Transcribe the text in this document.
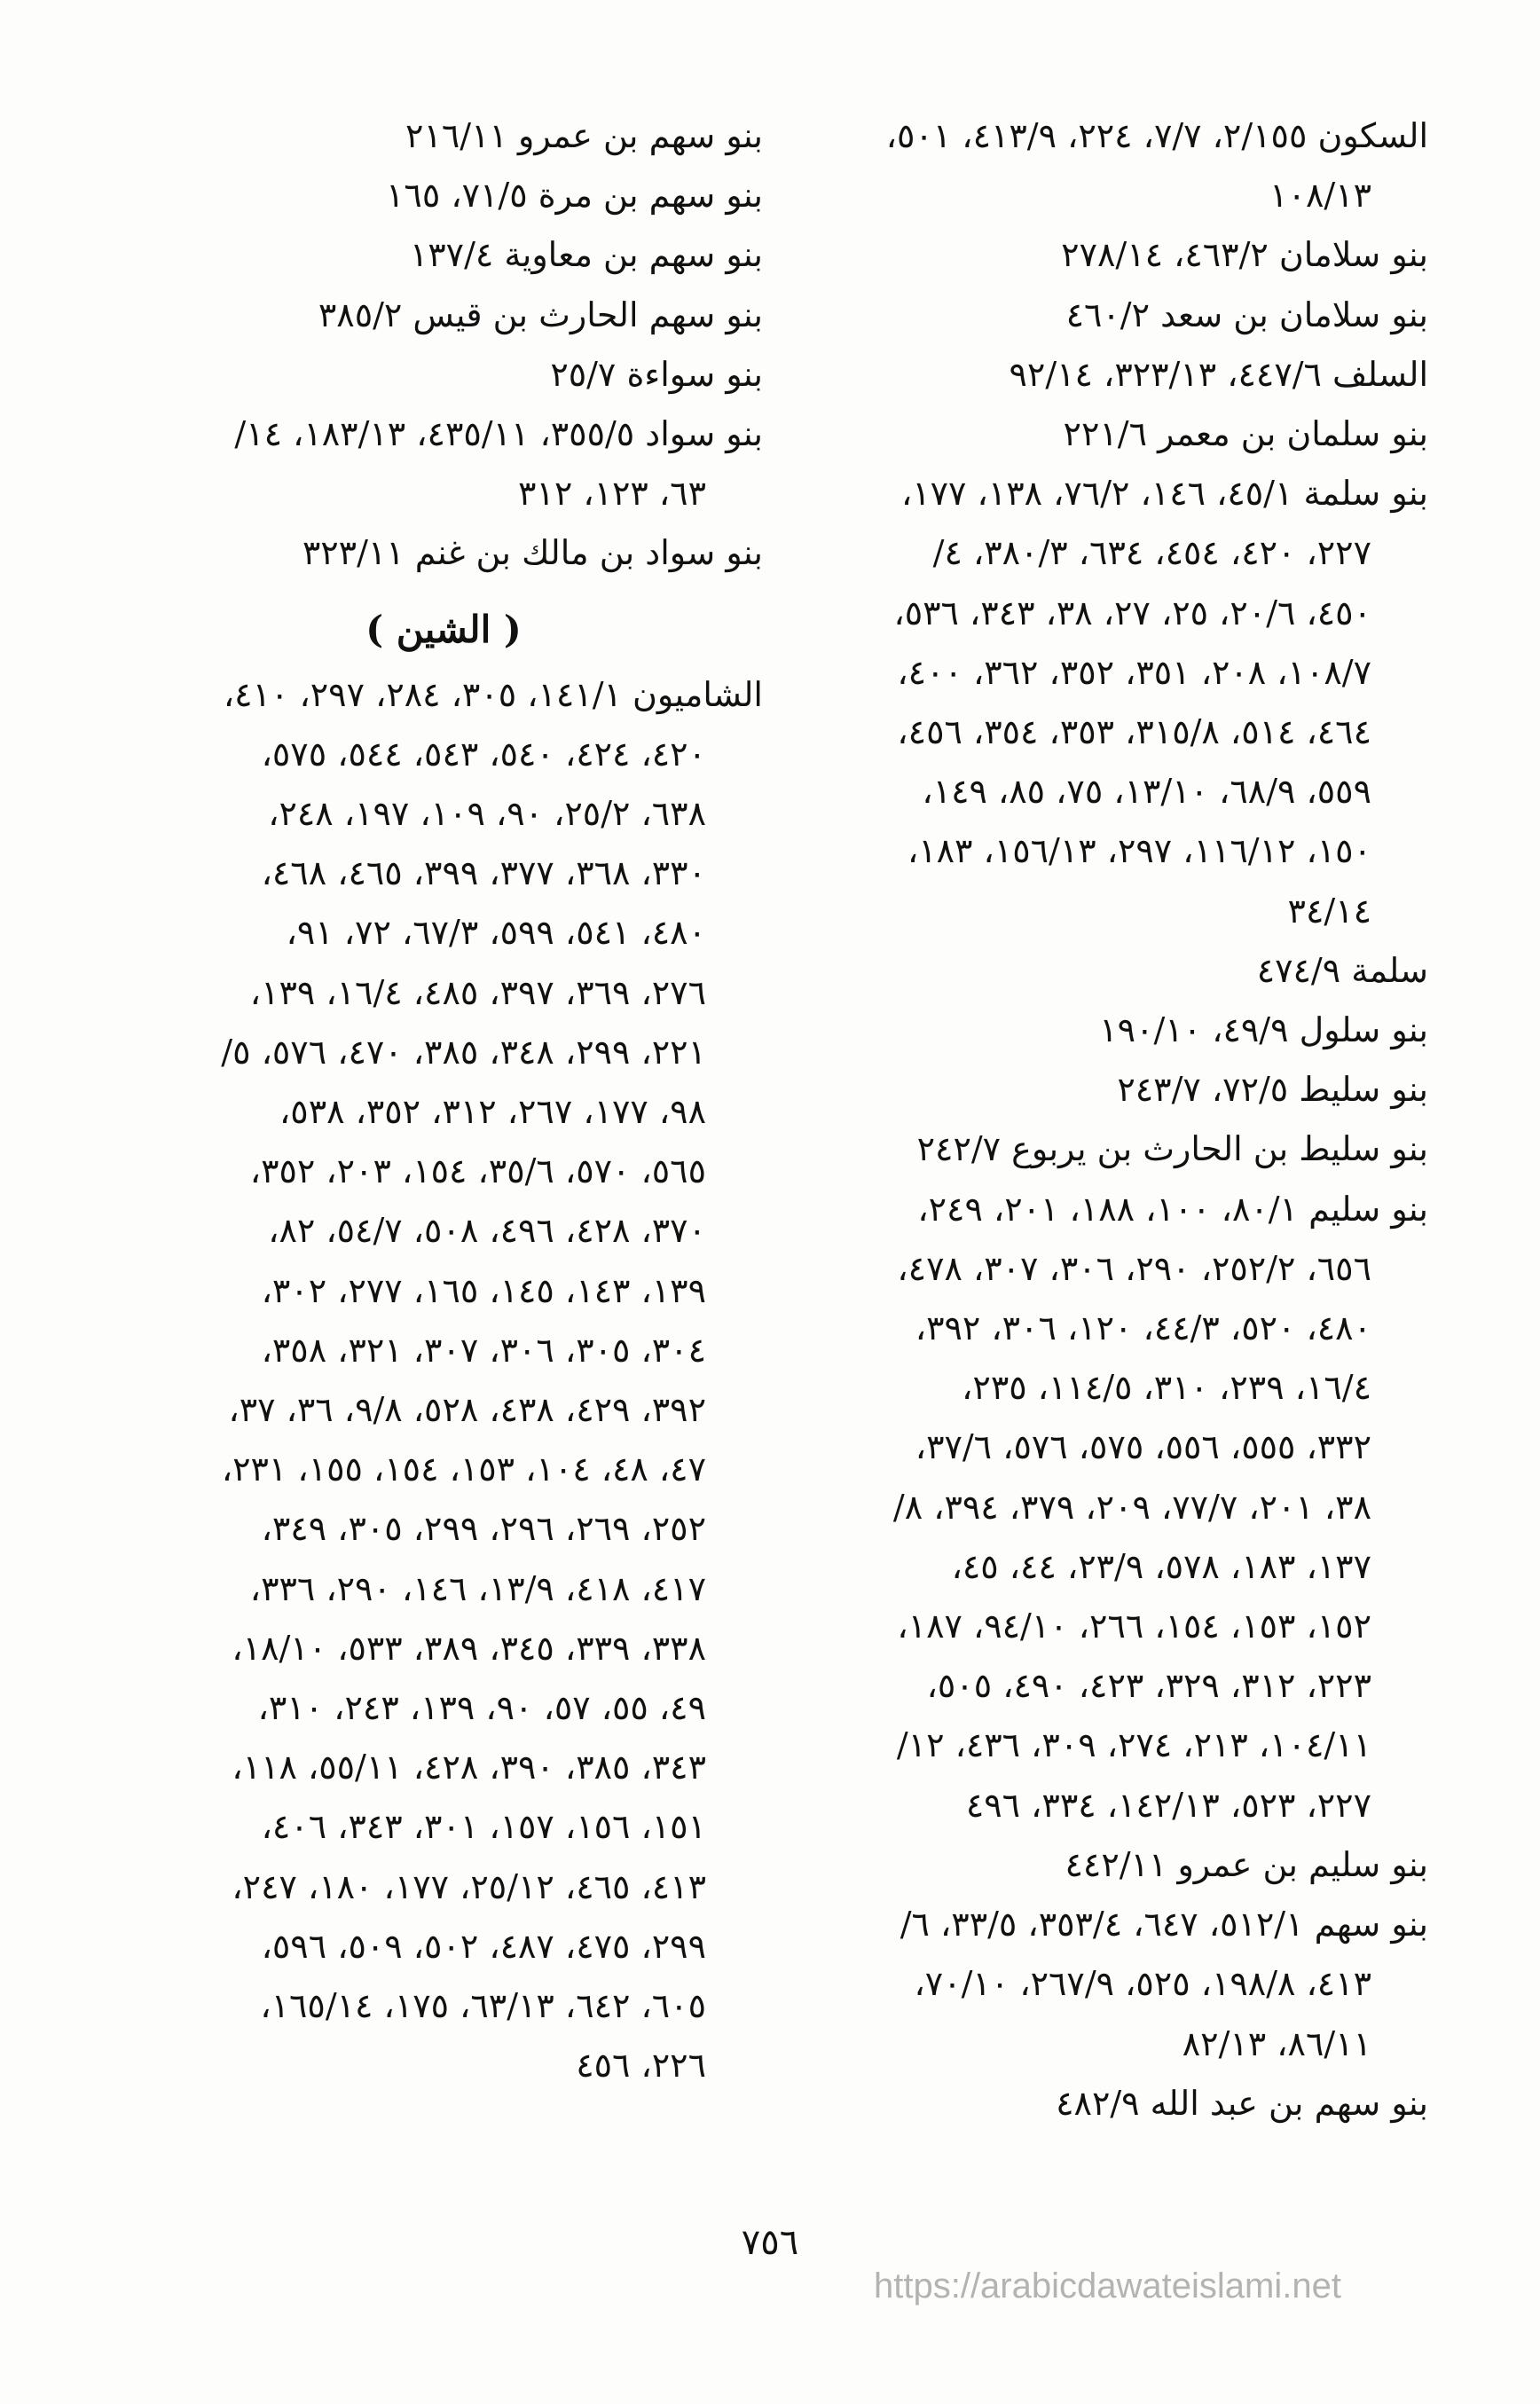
السكون ٢/١٥٥، ٧/٧، ٢٢٤، ٤١٣/٩، ٥٠١،
١٠٨/١٣
بنو سلامان ٤٦٣/٢، ٢٧٨/١٤
بنو سلامان بن سعد ٤٦٠/٢
السلف ٤٤٧/٦، ٣٢٣/١٣، ٩٢/١٤
بنو سلمان بن معمر ٢٢١/٦
بنو سلمة ٤٥/١، ١٤٦، ٧٦/٢، ١٣٨، ١٧٧،
٢٢٧، ٤٢٠، ٤٥٤، ٦٣٤، ٣٨٠/٣، ٤/
٤٥٠، ٢٠/٦، ٢٥، ٢٧، ٣٨، ٣٤٣، ٥٣٦،
١٠٨/٧، ٢٠٨، ٣٥١، ٣٥٢، ٣٦٢، ٤٠٠،
٤٦٤، ٥١٤، ٣١٥/٨، ٣٥٣، ٣٥٤، ٤٥٦،
٥٥٩، ٦٨/٩، ١٣/١٠، ٧٥، ٨٥، ١٤٩،
١٥٠، ١١٦/١٢، ٢٩٧، ١٥٦/١٣، ١٨٣،
٣٤/١٤
سلمة ٤٧٤/٩
بنو سلول ٤٩/٩، ١٩٠/١٠
بنو سليط ٧٢/٥، ٢٤٣/٧
بنو سليط بن الحارث بن يربوع ٢٤٢/٧
بنو سليم ٨٠/١، ١٠٠، ١٨٨، ٢٠١، ٢٤٩،
٦٥٦، ٢٥٢/٢، ٢٩٠، ٣٠٦، ٣٠٧، ٤٧٨،
٤٨٠، ٥٢٠، ٤٤/٣، ١٢٠، ٣٠٦، ٣٩٢،
١٦/٤، ٢٣٩، ٣١٠، ١١٤/٥، ٢٣٥،
٣٣٢، ٥٥٥، ٥٥٦، ٥٧٥، ٥٧٦، ٣٧/٦،
٣٨، ٢٠١، ٧٧/٧، ٢٠٩، ٣٧٩، ٣٩٤، ٨/
١٣٧، ١٨٣، ٥٧٨، ٢٣/٩، ٤٤، ٤٥،
١٥٢، ١٥٣، ١٥٤، ٢٦٦، ٩٤/١٠، ١٨٧،
٢٢٣، ٣١٢، ٣٢٩، ٤٢٣، ٤٩٠، ٥٠٥،
١٠٤/١١، ٢١٣، ٢٧٤، ٣٠٩، ٤٣٦، ١٢/
٢٢٧، ٥٢٣، ١٤٢/١٣، ٣٣٤، ٤٩٦
بنو سليم بن عمرو ٤٤٢/١١
بنو سهم ٥١٢/١، ٦٤٧، ٣٥٣/٤، ٣٣/٥، ٦/
٤١٣، ١٩٨/٨، ٥٢٥، ٢٦٧/٩، ٧٠/١٠،
٨٦/١١، ٨٢/١٣
بنو سهم بن عبد الله ٤٨٢/٩
بنو سهم بن عمرو ٢١٦/١١
بنو سهم بن مرة ٧١/٥، ١٦٥
بنو سهم بن معاوية ١٣٧/٤
بنو سهم الحارث بن قيس ٣٨٥/٢
بنو سواءة ٢٥/٧
بنو سواد ٣٥٥/٥، ٤٣٥/١١، ١٨٣/١٣، ١٤/
٦٣، ١٢٣، ٣١٢
بنو سواد بن مالك بن غنم ٣٢٣/١١
( الشين )
الشاميون ١٤١/١، ٣٠٥، ٢٨٤، ٢٩٧، ٤١٠،
٤٢٠، ٤٢٤، ٥٤٠، ٥٤٣، ٥٤٤، ٥٧٥،
٦٣٨، ٢٥/٢، ٩٠، ١٠٩، ١٩٧، ٢٤٨،
٣٣٠، ٣٦٨، ٣٧٧، ٣٩٩، ٤٦٥، ٤٦٨،
٤٨٠، ٥٤١، ٥٩٩، ٦٧/٣، ٧٢، ٩١،
٢٧٦، ٣٦٩، ٣٩٧، ٤٨٥، ١٦/٤، ١٣٩،
٢٢١، ٢٩٩، ٣٤٨، ٣٨٥، ٤٧٠، ٥٧٦، ٥/
٩٨، ١٧٧، ٢٦٧، ٣١٢، ٣٥٢، ٥٣٨،
٥٦٥، ٥٧٠، ٣٥/٦، ١٥٤، ٢٠٣، ٣٥٢،
٣٧٠، ٤٢٨، ٤٩٦، ٥٠٨، ٥٤/٧، ٨٢،
١٣٩، ١٤٣، ١٤٥، ١٦٥، ٢٧٧، ٣٠٢،
٣٠٤، ٣٠٥، ٣٠٦، ٣٠٧، ٣٢١، ٣٥٨،
٣٩٢، ٤٢٩، ٤٣٨، ٥٢٨، ٩/٨، ٣٦، ٣٧،
٤٧، ٤٨، ١٠٤، ١٥٣، ١٥٤، ١٥٥، ٢٣١،
٢٥٢، ٢٦٩، ٢٩٦، ٢٩٩، ٣٠٥، ٣٤٩،
٤١٧، ٤١٨، ١٣/٩، ١٤٦، ٢٩٠، ٣٣٦،
٣٣٨، ٣٣٩، ٣٤٥، ٣٨٩، ٥٣٣، ١٨/١٠،
٤٩، ٥٥، ٥٧، ٩٠، ١٣٩، ٢٤٣، ٣١٠،
٣٤٣، ٣٨٥، ٣٩٠، ٤٢٨، ٥٥/١١، ١١٨،
١٥١، ١٥٦، ١٥٧، ٣٠١، ٣٤٣، ٤٠٦،
٤١٣، ٤٦٥، ٢٥/١٢، ١٧٧، ١٨٠، ٢٤٧،
٢٩٩، ٤٧٥، ٤٨٧، ٥٠٢، ٥٠٩، ٥٩٦،
٦٠٥، ٦٤٢، ٦٣/١٣، ١٧٥، ١٦٥/١٤،
٢٢٦، ٤٥٦
٧٥٦
https://arabicdawateislami.net
